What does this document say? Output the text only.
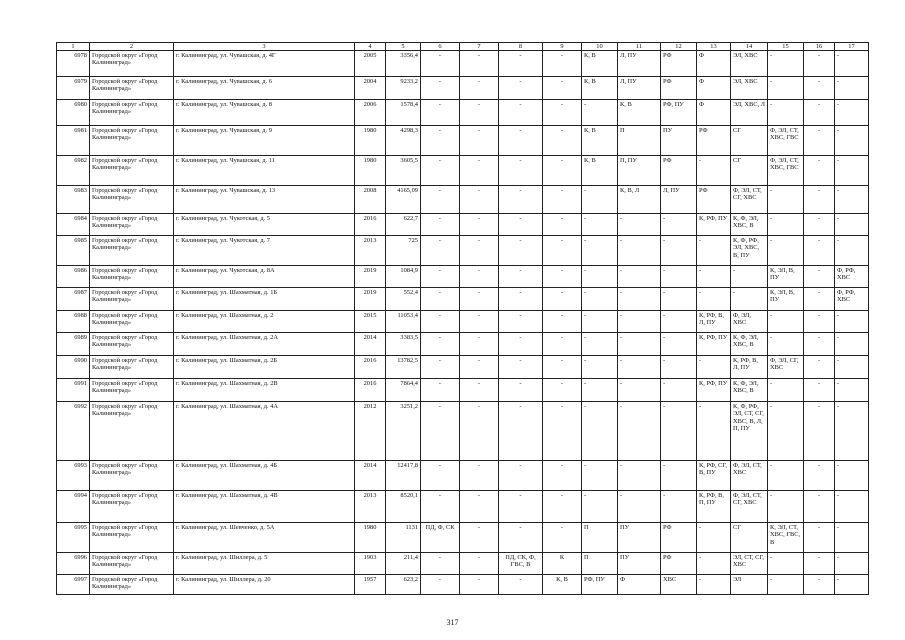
1	2	3	4	5	6	7	8	9	10	11	12	13	14	15	16	17
6978	Городской округ «Город Калининград»	г. Калининград, ул. Чувашская, д. 4Г	2005	3356,4	-	-	-	-	К, В	Л, ПУ	РФ	Ф	ЭЛ, ХВС	-	-	-
6979	Городской округ «Город Калининград»	г. Калининград, ул. Чувашская, д. 6	2004	9233,2	-	-	-	-	К, В	Л, ПУ	РФ	Ф	ЭЛ, ХВС	-	-	-
6980	Городской округ «Город Калининград»	г. Калининград, ул. Чувашская, д. 8	2006	1578,4	-	-	-	-	-	К, В	РФ, ПУ	Ф	ЭЛ, ХВС, Л	-	-	-
6981	Городской округ «Город Калининград»	г. Калининград, ул. Чувашская, д. 9	1980	4298,3	-	-	-	-	К, В	П	ПУ	РФ	СГ	Ф, ЭЛ, СТ, ХВС, ГВС	-	-
6982	Городской округ «Город Калининград»	г. Калининград, ул. Чувашская, д. 11	1980	3605,5	-	-	-	-	К, В	П, ПУ	РФ	-	СГ	Ф, ЭЛ, СТ, ХВС, ГВС	-	-
6983	Городской округ «Город Калининград»	г. Калининград, ул. Чувашская, д. 13	2008	4165,09	-	-	-	-	-	К, В, Л	Л, ПУ	РФ	Ф, ЭЛ, СТ, СГ, ХВС	-	-	-
6984	Городской округ «Город Калининград»	г. Калининград, ул. Чукотская, д. 5	2016	622,7	-	-	-	-	-	-	-	К, РФ, ПУ	К, Ф, ЭЛ, ХВС, В	-	-	-
6985	Городской округ «Город Калининград»	г. Калининград, ул. Чукотская, д. 7	2013	725	-	-	-	-	-	-	-	-	К, Ф, РФ, ЭЛ, ХВС, В, ПУ	-	-	-
6986	Городской округ «Город Калининград»	г. Калининград, ул. Чукотская, д. 8А	2019	1084,9	-	-	-	-	-	-	-	-	-	К, ЭЛ, В, ПУ	-	Ф, РФ, ХВС
6987	Городской округ «Город Калининград»	г. Калининград, ул. Шахматная, д. 1Б	2019	552,4	-	-	-	-	-	-	-	-	-	К, ЭЛ, В, ПУ	-	Ф, РФ, ХВС
6988	Городской округ «Город Калининград»	г. Калининград, ул. Шахматная, д. 2	2015	11053,4	-	-	-	-	-	-	-	К, РФ, В, Л, ПУ	Ф, ЭЛ, ХВС	-	-	-
6989	Городской округ «Город Калининград»	г. Калининград, ул. Шахматная, д. 2А	2014	3383,5	-	-	-	-	-	-	-	К, РФ, ПУ	К, Ф, ЭЛ, ХВС, В	-	-	-
6990	Городской округ «Город Калининград»	г. Калининград, ул. Шахматная, д. 2Б	2016	13782,5	-	-	-	-	-	-	-	-	К, РФ, В, Л, ПУ	Ф, ЭЛ, СГ, ХВС	-	-
6991	Городской округ «Город Калининград»	г. Калининград, ул. Шахматная, д. 2В	2016	7864,4	-	-	-	-	-	-	-	К, РФ, ПУ	К, Ф, ЭЛ, ХВС, В	-	-	-
6992	Городской округ «Город Калининград»	г. Калининград, ул. Шахматная, д. 4А	2012	3251,2	-	-	-	-	-	-	-	-	К, Ф, РФ, ЭЛ, СТ, СГ, ХВС, В, Л, П, ПУ	-	-	-
6993	Городской округ «Город Калининград»	г. Калининград, ул. Шахматная, д. 4Б	2014	12417,8	-	-	-	-	-	-	-	К, РФ, СГ, В, ПУ	Ф, ЭЛ, СТ, ХВС	-	-	-
6994	Городской округ «Город Калининград»	г. Калининград, ул. Шахматная, д. 4В	2013	8520,1	-	-	-	-	-	-	-	К, РФ, В, П, ПУ	Ф, ЭЛ, СТ, СГ, ХВС	-	-	-
6995	Городской округ «Город Калининград»	г. Калининград, ул. Шевченко, д. 5А	1980	1131	ПД, Ф, СК	-	-	-	П	ПУ	РФ	-	СГ	К, ЭЛ, СТ, ХВС, ГВС, В	-	-
6996	Городской округ «Город Калининград»	г. Калининград, ул. Шиллера, д. 5	1903	211,4	-	-	ПД, СК, Ф, ГВС, В	К	П	ПУ	РФ	-	ЭЛ, СТ, СГ, ХВС	-	-	-
6997	Городской округ «Город Калининград»	г. Калининград, ул. Шиллера, д. 20	1957	623,2	-	-	-	К, В	РФ, ПУ	Ф	ХВС	-	ЭЛ	-	-	-
317
